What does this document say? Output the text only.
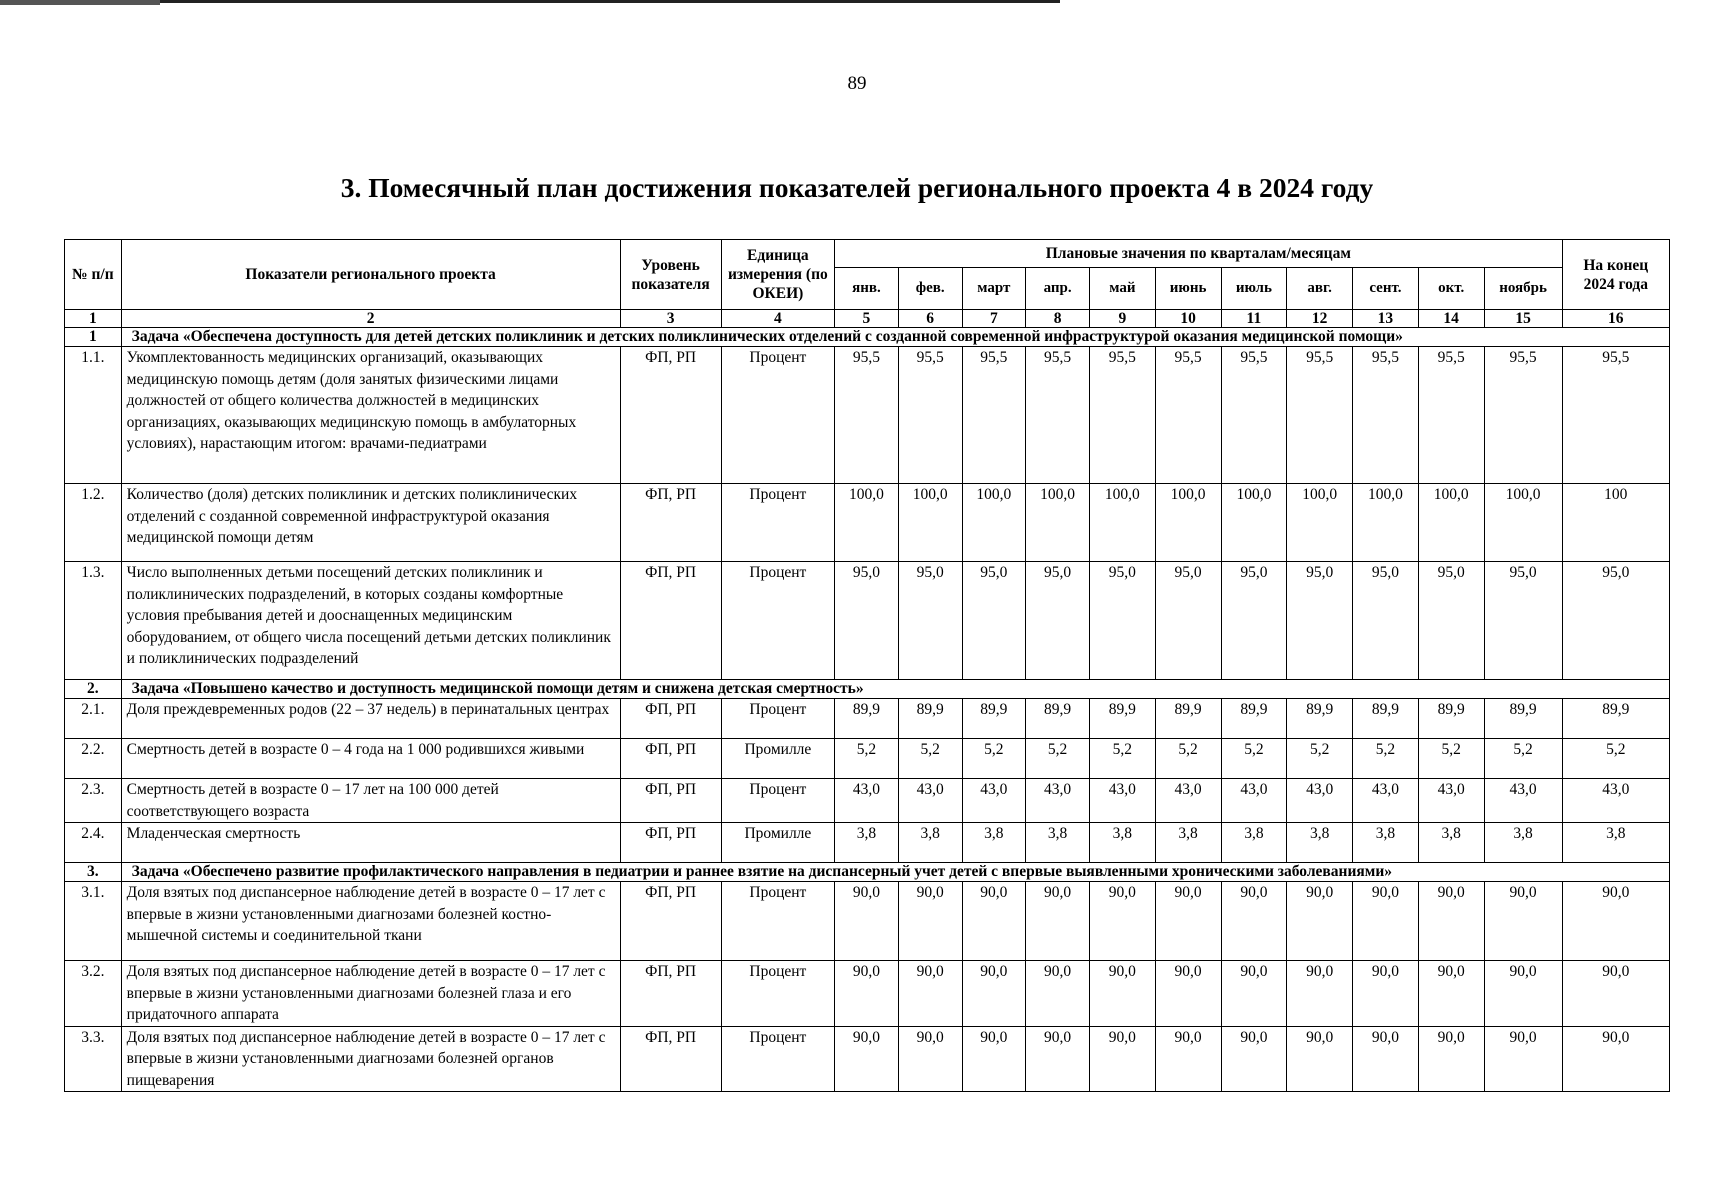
89
3. Помесячный план достижения показателей регионального проекта 4 в 2024 году
№ п/п	Показатели регионального проекта	Уровень показателя	Единица измерения (по ОКЕИ)	Плановые значения по кварталам/месяцам											На конец 2024 года
				янв.	фев.	март	апр.	май	июнь	июль	авг.	сент.	окт.	ноябрь	
1	2	3	4	5	6	7	8	9	10	11	12	13	14	15	16
1	Задача «Обеспечена доступность для детей детских поликлиник и детских поликлинических отделений с созданной современной инфраструктурой оказания медицинской помощи»														
1.1.	Укомплектованность медицинских организаций, оказывающих медицинскую помощь детям (доля занятых физическими лицами должностей от общего количества должностей в медицинских организациях, оказывающих медицинскую помощь в амбулаторных условиях), нарастающим итогом: врачами-педиатрами	ФП, РП	Процент	95,5	95,5	95,5	95,5	95,5	95,5	95,5	95,5	95,5	95,5	95,5	95,5
1.2.	Количество (доля) детских поликлиник и детских поликлинических отделений с созданной современной инфраструктурой оказания медицинской помощи детям	ФП, РП	Процент	100,0	100,0	100,0	100,0	100,0	100,0	100,0	100,0	100,0	100,0	100,0	100
1.3.	Число выполненных детьми посещений детских поликлиник и поликлинических подразделений, в которых созданы комфортные условия пребывания детей и дооснащенных медицинским оборудованием, от общего числа посещений детьми детских поликлиник и поликлинических подразделений	ФП, РП	Процент	95,0	95,0	95,0	95,0	95,0	95,0	95,0	95,0	95,0	95,0	95,0	95,0
2.	Задача «Повышено качество и доступность медицинской помощи детям и снижена детская смертность»														
2.1.	Доля преждевременных родов (22 – 37 недель) в перинатальных центрах	ФП, РП	Процент	89,9	89,9	89,9	89,9	89,9	89,9	89,9	89,9	89,9	89,9	89,9	89,9
2.2.	Смертность детей в возрасте 0 – 4 года на 1 000 родившихся живыми	ФП, РП	Промилле	5,2	5,2	5,2	5,2	5,2	5,2	5,2	5,2	5,2	5,2	5,2	5,2
2.3.	Смертность детей в возрасте 0 – 17 лет на 100 000 детей соответствующего возраста	ФП, РП	Процент	43,0	43,0	43,0	43,0	43,0	43,0	43,0	43,0	43,0	43,0	43,0	43,0
2.4.	Младенческая смертность	ФП, РП	Промилле	3,8	3,8	3,8	3,8	3,8	3,8	3,8	3,8	3,8	3,8	3,8	3,8
3.	Задача «Обеспечено развитие профилактического направления в педиатрии и раннее взятие на диспансерный учет детей с впервые выявленными хроническими заболеваниями»														
3.1.	Доля взятых под диспансерное наблюдение детей в возрасте 0 – 17 лет с впервые в жизни установленными диагнозами болезней костно-мышечной системы и соединительной ткани	ФП, РП	Процент	90,0	90,0	90,0	90,0	90,0	90,0	90,0	90,0	90,0	90,0	90,0	90,0
3.2.	Доля взятых под диспансерное наблюдение детей в возрасте 0 – 17 лет с впервые в жизни установленными диагнозами болезней глаза и его придаточного аппарата	ФП, РП	Процент	90,0	90,0	90,0	90,0	90,0	90,0	90,0	90,0	90,0	90,0	90,0	90,0
3.3.	Доля взятых под диспансерное наблюдение детей в возрасте 0 – 17 лет с впервые в жизни установленными диагнозами болезней органов пищеварения	ФП, РП	Процент	90,0	90,0	90,0	90,0	90,0	90,0	90,0	90,0	90,0	90,0	90,0	90,0
